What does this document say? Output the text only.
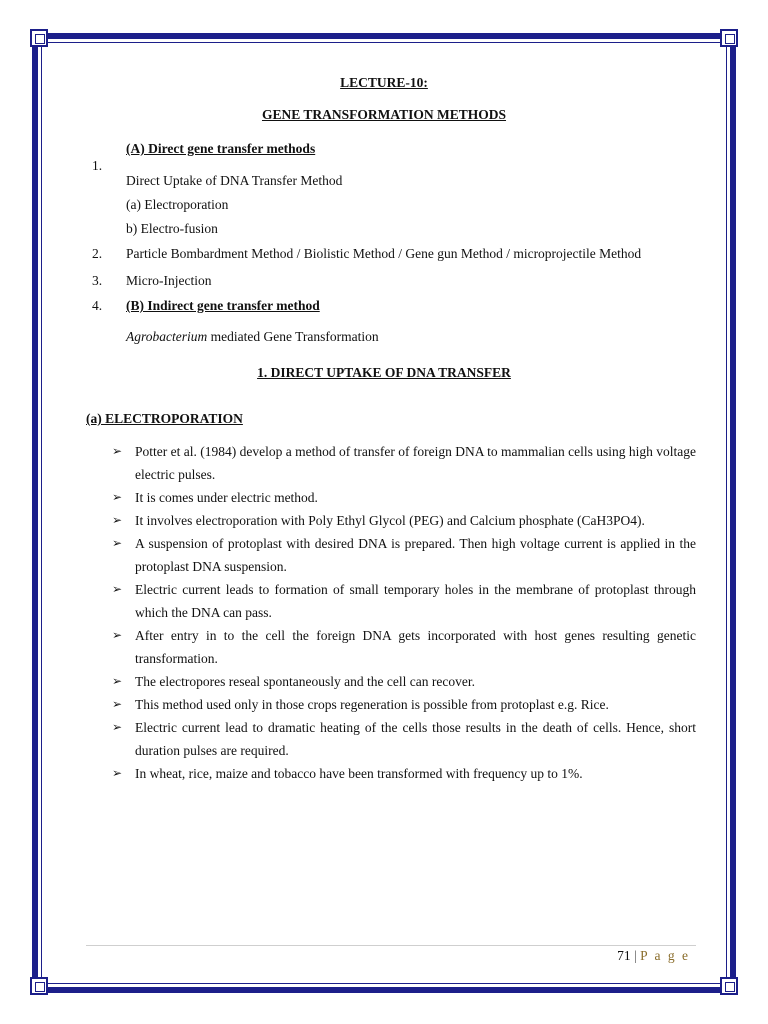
LECTURE-10:
GENE TRANSFORMATION METHODS
1.
(A) Direct gene transfer methods
Direct Uptake of DNA Transfer Method
(a) Electroporation
b) Electro-fusion
2. Particle Bombardment Method / Biolistic Method / Gene gun Method / microprojectile Method
3. Micro-Injection
4. (B) Indirect gene transfer method
Agrobacterium mediated Gene Transformation
1. DIRECT UPTAKE OF DNA TRANSFER
(a) ELECTROPORATION
➢ Potter et al. (1984) develop a method of transfer of foreign DNA to mammalian cells using high voltage electric pulses.
➢ It is comes under electric method.
➢ It involves electroporation with Poly Ethyl Glycol (PEG) and Calcium phosphate (CaH3PO4).
➢ A suspension of protoplast with desired DNA is prepared. Then high voltage current is applied in the protoplast DNA suspension.
➢ Electric current leads to formation of small temporary holes in the membrane of protoplast through which the DNA can pass.
➢ After entry in to the cell the foreign DNA gets incorporated with host genes resulting genetic transformation.
➢ The electropores reseal spontaneously and the cell can recover.
➢ This method used only in those crops regeneration is possible from protoplast e.g. Rice.
➢ Electric current lead to dramatic heating of the cells those results in the death of cells. Hence, short duration pulses are required.
➢ In wheat, rice, maize and tobacco have been transformed with frequency up to 1%.
71 | P a g e
